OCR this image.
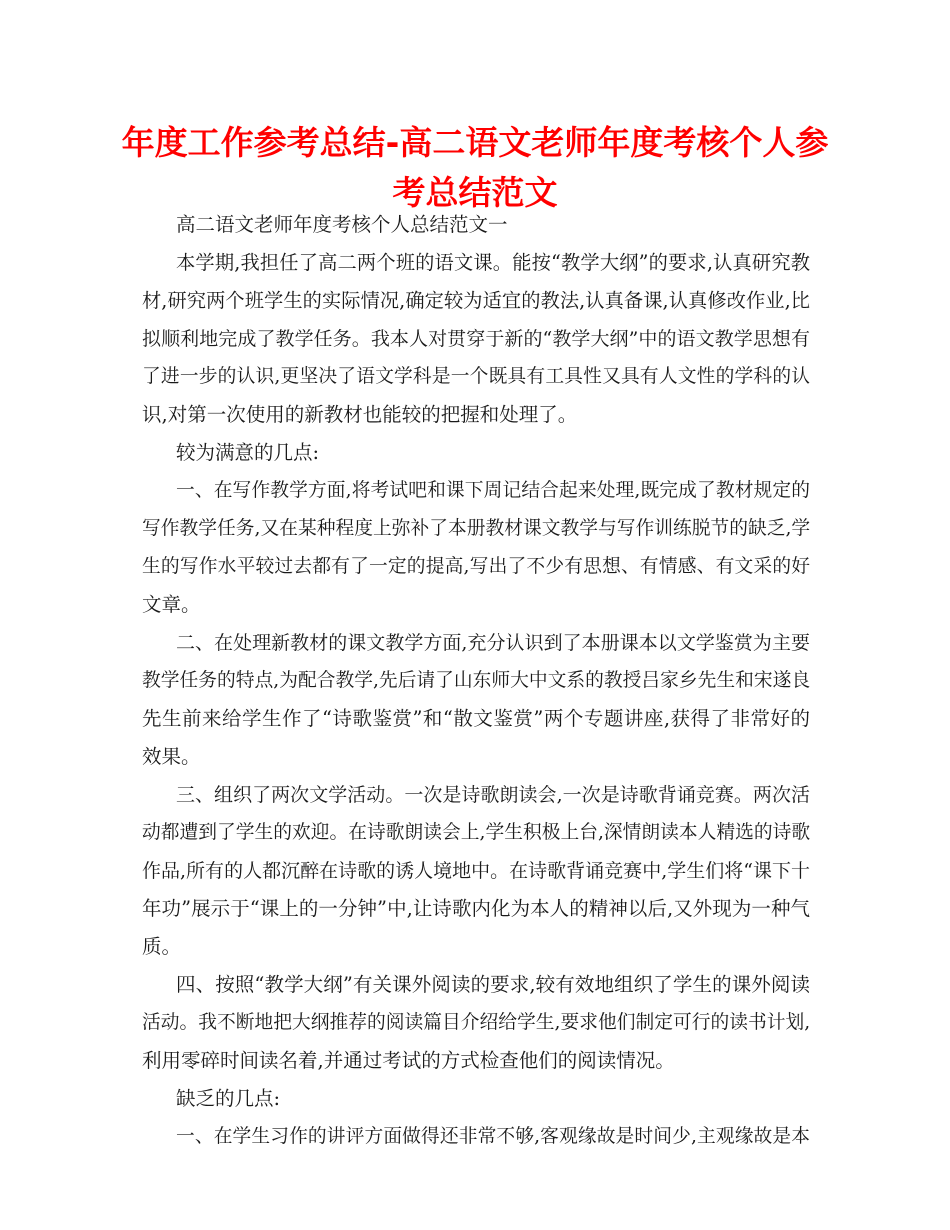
年度工作参考总结-高二语文老师年度考核个人参
考总结范文
高二语文老师年度考核个人总结范文一
本学期,我担任了高二两个班的语文课。能按“教学大纲”的要求,认真研究教
材,研究两个班学生的实际情况,确定较为适宜的教法,认真备课,认真修改作业,比
拟顺利地完成了教学任务。我本人对贯穿于新的“教学大纲”中的语文教学思想有
了进一步的认识,更坚决了语文学科是一个既具有工具性又具有人文性的学科的认
识,对第一次使用的新教材也能较的把握和处理了。
较为满意的几点:
一、在写作教学方面,将考试吧和课下周记结合起来处理,既完成了教材规定的
写作教学任务,又在某种程度上弥补了本册教材课文教学与写作训练脱节的缺乏,学
生的写作水平较过去都有了一定的提高,写出了不少有思想、有情感、有文采的好
文章。
二、在处理新教材的课文教学方面,充分认识到了本册课本以文学鉴赏为主要
教学任务的特点,为配合教学,先后请了山东师大中文系的教授吕家乡先生和宋遂良
先生前来给学生作了“诗歌鉴赏”和“散文鉴赏”两个专题讲座,获得了非常好的
效果。
三、组织了两次文学活动。一次是诗歌朗读会,一次是诗歌背诵竞赛。两次活
动都遭到了学生的欢迎。在诗歌朗读会上,学生积极上台,深情朗读本人精选的诗歌
作品,所有的人都沉醉在诗歌的诱人境地中。在诗歌背诵竞赛中,学生们将“课下十
年功”展示于“课上的一分钟”中,让诗歌内化为本人的精神以后,又外现为一种气
质。
四、按照“教学大纲”有关课外阅读的要求,较有效地组织了学生的课外阅读
活动。我不断地把大纲推荐的阅读篇目介绍给学生,要求他们制定可行的读书计划,
利用零碎时间读名着,并通过考试的方式检查他们的阅读情况。
缺乏的几点:
一、在学生习作的讲评方面做得还非常不够,客观缘故是时间少,主观缘故是本
